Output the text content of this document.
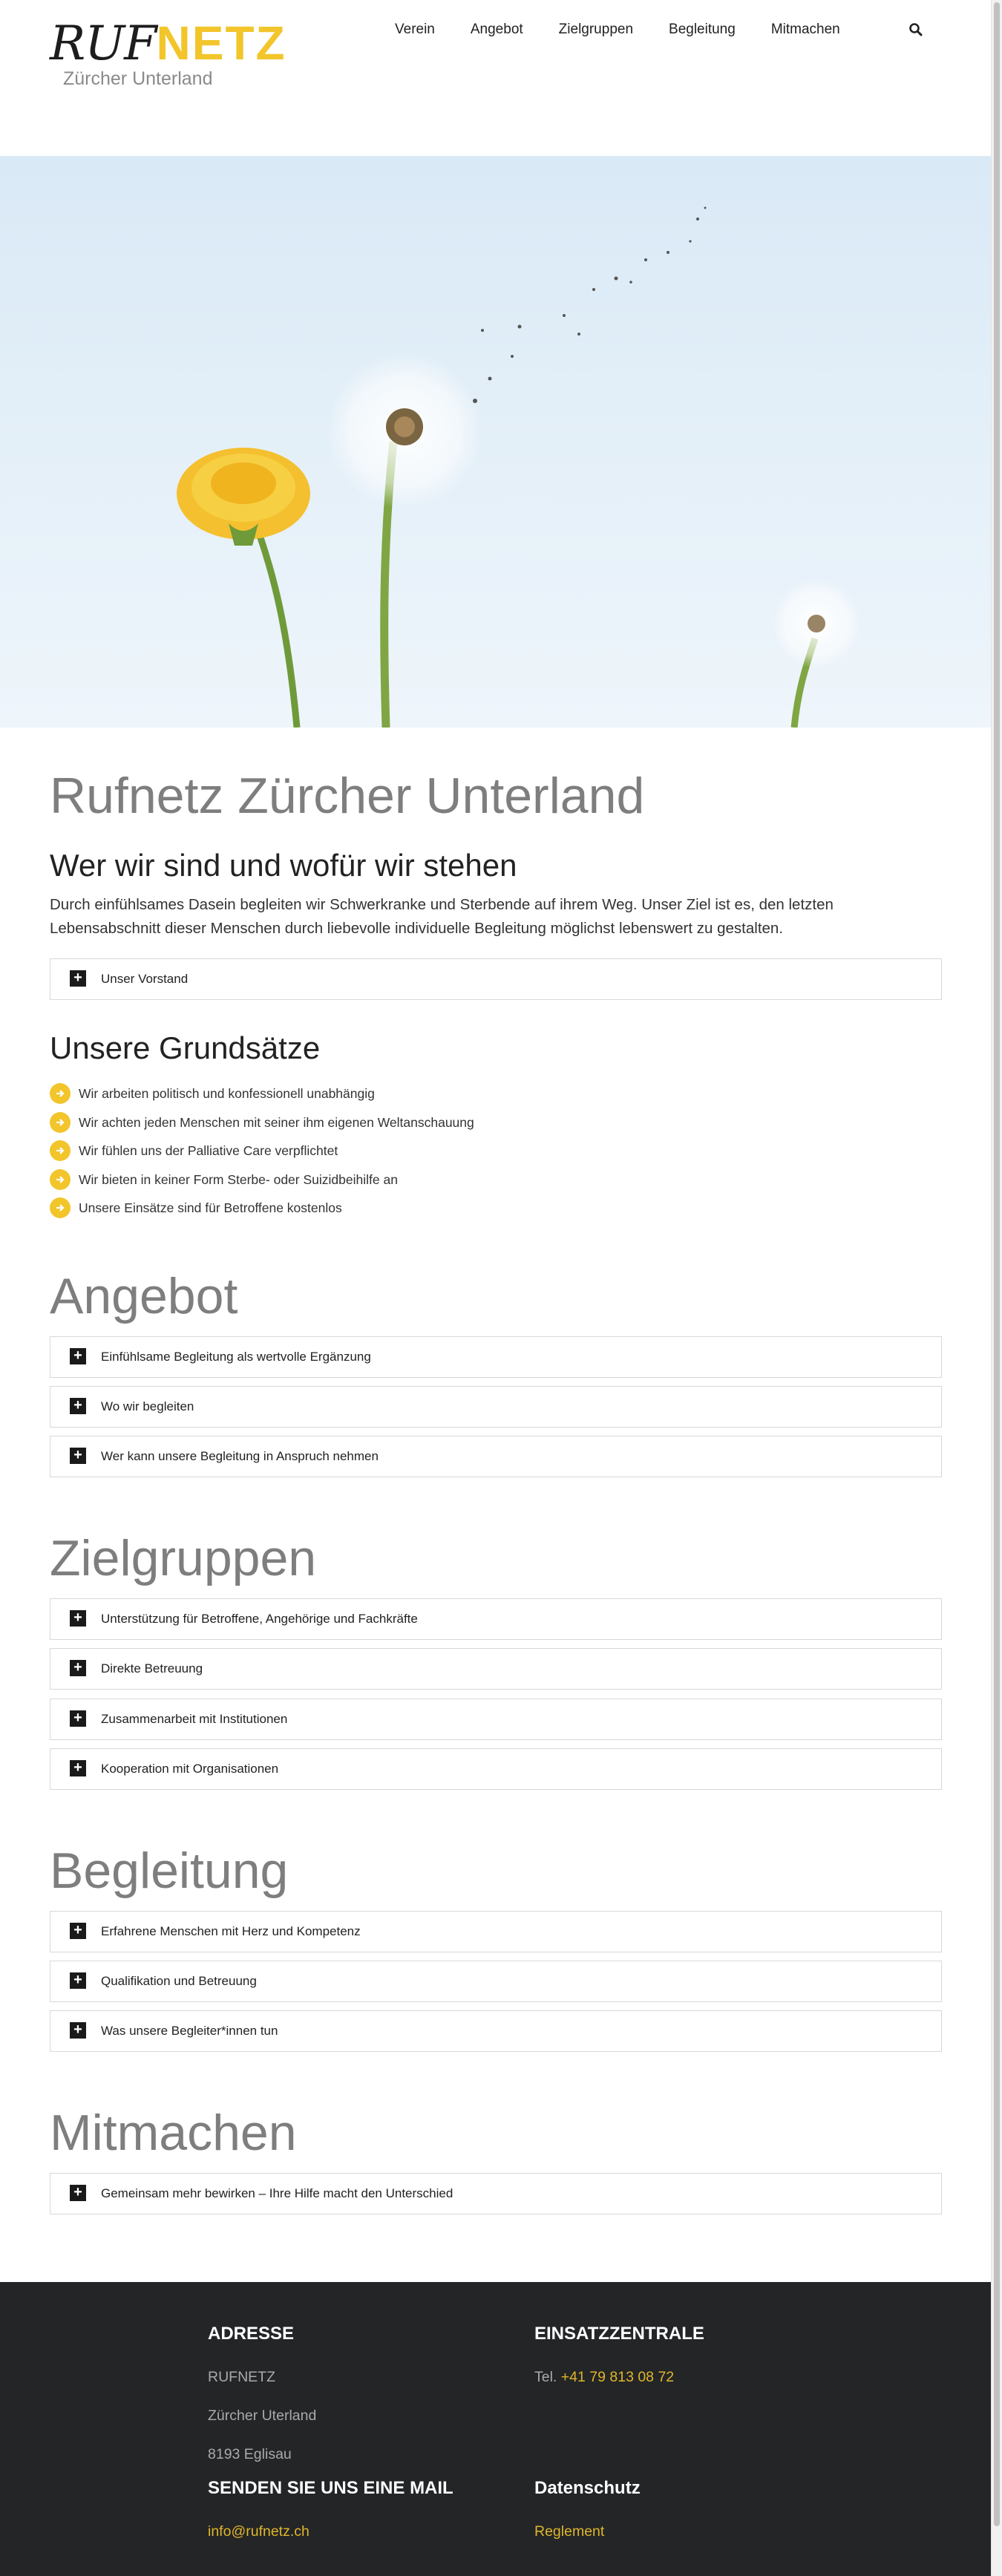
RUFNETZ
Zürcher Unterland
Verein	Angebot	Zielgruppen	Begleitung	Mitmachen
Rufnetz Zürcher Unterland
Wer wir sind und wofür wir stehen

Durch einfühlsames Dasein begleiten wir Schwerkranke und Sterbende auf ihrem Weg. Unser Ziel ist es, den letzten Lebensabschnitt dieser Menschen durch liebevolle individuelle Begleitung möglichst lebenswert zu gestalten.

+	Unser Vorstand
Unsere Grundsätze
Wir arbeiten politisch und konfessionell unabhängig
Wir achten jeden Menschen mit seiner ihm eigenen Weltanschauung
Wir fühlen uns der Palliative Care verpflichtet
Wir bieten in keiner Form Sterbe- oder Suizidbeihilfe an
Unsere Einsätze sind für Betroffene kostenlos
Angebot
+	Einfühlsame Begleitung als wertvolle Ergänzung
+	Wo wir begleiten
+	Wer kann unsere Begleitung in Anspruch nehmen
Zielgruppen
+	Unterstützung für Betroffene, Angehörige und Fachkräfte
+	Direkte Betreuung
+	Zusammenarbeit mit Institutionen
+	Kooperation mit Organisationen
Begleitung
+	Erfahrene Menschen mit Herz und Kompetenz
+	Qualifikation und Betreuung
+	Was unsere Begleiter*innen tun
Mitmachen
+	Gemeinsam mehr bewirken – Ihre Hilfe macht den Unterschied
ADRESSE
RUFNETZ
Zürcher Uterland
8193 Eglisau
EINSATZZENTRALE
Tel. +41 79 813 08 72
SENDEN SIE UNS EINE MAIL
info@rufnetz.ch
Datenschutz
Reglement
